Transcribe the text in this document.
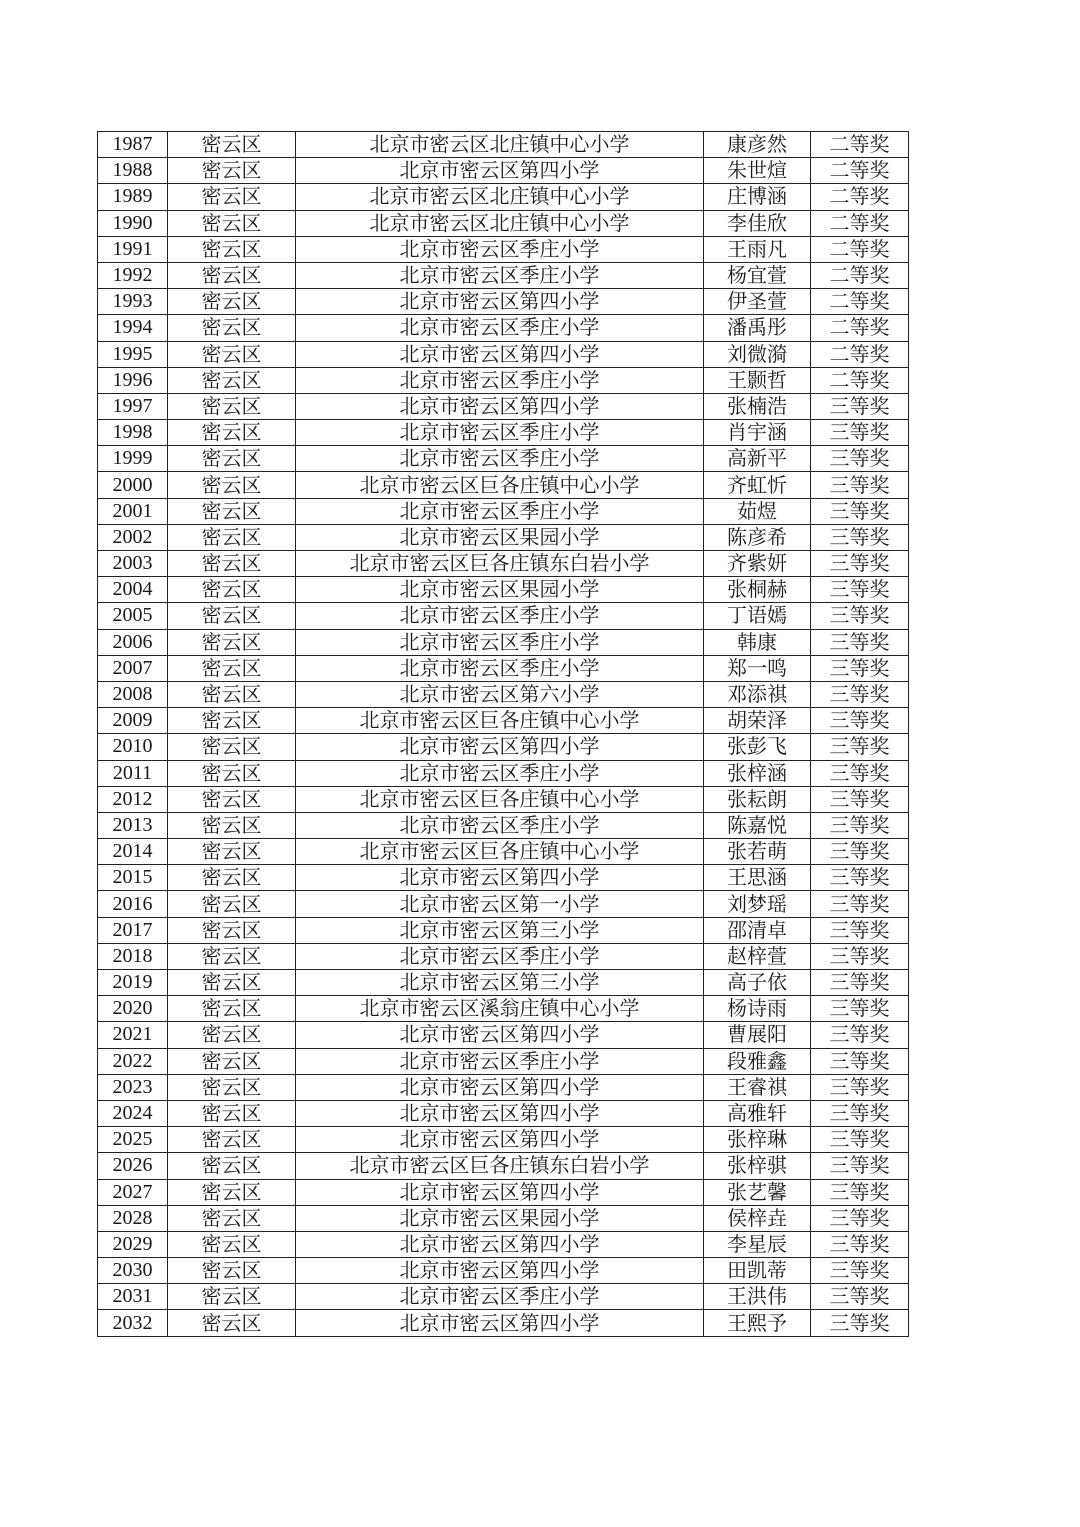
1987	密云区	北京市密云区北庄镇中心小学	康彦然	二等奖
1988	密云区	北京市密云区第四小学	朱世煊	二等奖
1989	密云区	北京市密云区北庄镇中心小学	庄博涵	二等奖
1990	密云区	北京市密云区北庄镇中心小学	李佳欣	二等奖
1991	密云区	北京市密云区季庄小学	王雨凡	二等奖
1992	密云区	北京市密云区季庄小学	杨宜萱	二等奖
1993	密云区	北京市密云区第四小学	伊圣萱	二等奖
1994	密云区	北京市密云区季庄小学	潘禹彤	二等奖
1995	密云区	北京市密云区第四小学	刘微漪	二等奖
1996	密云区	北京市密云区季庄小学	王颢哲	二等奖
1997	密云区	北京市密云区第四小学	张楠浩	三等奖
1998	密云区	北京市密云区季庄小学	肖宇涵	三等奖
1999	密云区	北京市密云区季庄小学	高新平	三等奖
2000	密云区	北京市密云区巨各庄镇中心小学	齐虹忻	三等奖
2001	密云区	北京市密云区季庄小学	茹煜	三等奖
2002	密云区	北京市密云区果园小学	陈彦希	三等奖
2003	密云区	北京市密云区巨各庄镇东白岩小学	齐紫妍	三等奖
2004	密云区	北京市密云区果园小学	张桐赫	三等奖
2005	密云区	北京市密云区季庄小学	丁语嫣	三等奖
2006	密云区	北京市密云区季庄小学	韩康	三等奖
2007	密云区	北京市密云区季庄小学	郑一鸣	三等奖
2008	密云区	北京市密云区第六小学	邓添祺	三等奖
2009	密云区	北京市密云区巨各庄镇中心小学	胡荣泽	三等奖
2010	密云区	北京市密云区第四小学	张彭飞	三等奖
2011	密云区	北京市密云区季庄小学	张梓涵	三等奖
2012	密云区	北京市密云区巨各庄镇中心小学	张耘朗	三等奖
2013	密云区	北京市密云区季庄小学	陈嘉悦	三等奖
2014	密云区	北京市密云区巨各庄镇中心小学	张若萌	三等奖
2015	密云区	北京市密云区第四小学	王思涵	三等奖
2016	密云区	北京市密云区第一小学	刘梦瑶	三等奖
2017	密云区	北京市密云区第三小学	邵清卓	三等奖
2018	密云区	北京市密云区季庄小学	赵梓萱	三等奖
2019	密云区	北京市密云区第三小学	高子依	三等奖
2020	密云区	北京市密云区溪翁庄镇中心小学	杨诗雨	三等奖
2021	密云区	北京市密云区第四小学	曹展阳	三等奖
2022	密云区	北京市密云区季庄小学	段雅鑫	三等奖
2023	密云区	北京市密云区第四小学	王睿祺	三等奖
2024	密云区	北京市密云区第四小学	高雅轩	三等奖
2025	密云区	北京市密云区第四小学	张梓琳	三等奖
2026	密云区	北京市密云区巨各庄镇东白岩小学	张梓骐	三等奖
2027	密云区	北京市密云区第四小学	张艺馨	三等奖
2028	密云区	北京市密云区果园小学	侯梓垚	三等奖
2029	密云区	北京市密云区第四小学	李星辰	三等奖
2030	密云区	北京市密云区第四小学	田凯蒂	三等奖
2031	密云区	北京市密云区季庄小学	王洪伟	三等奖
2032	密云区	北京市密云区第四小学	王熙予	三等奖
